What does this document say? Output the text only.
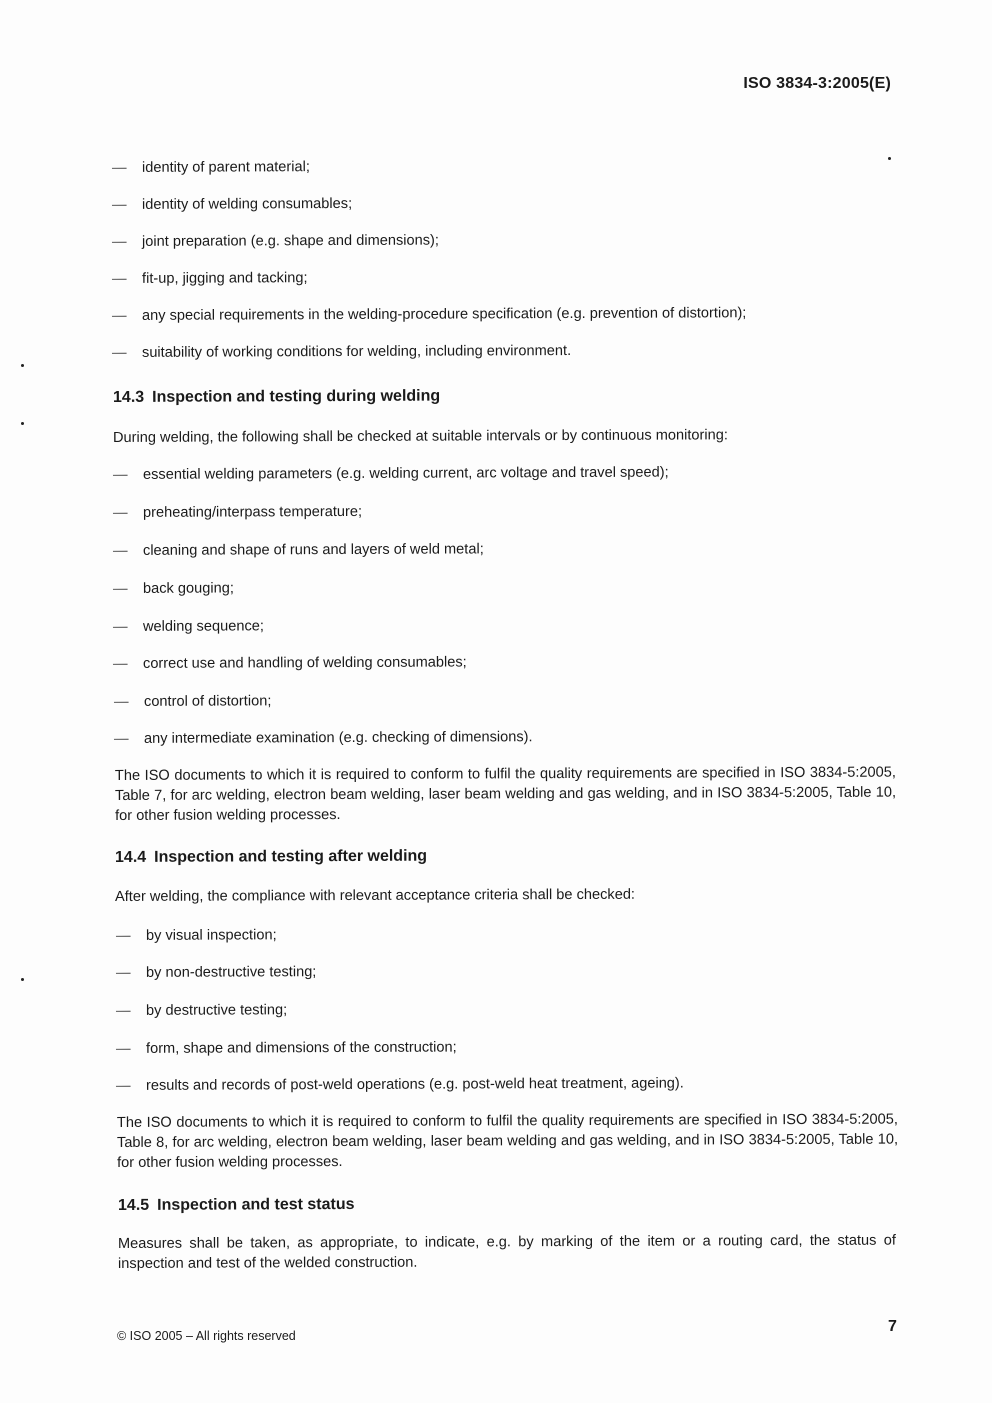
ISO 3834-3:2005(E)
— identity of parent material;
— identity of welding consumables;
— joint preparation (e.g. shape and dimensions);
— fit-up, jigging and tacking;
— any special requirements in the welding-procedure specification (e.g. prevention of distortion);
— suitability of working conditions for welding, including environment.
14.3 Inspection and testing during welding
During welding, the following shall be checked at suitable intervals or by continuous monitoring:
— essential welding parameters (e.g. welding current, arc voltage and travel speed);
— preheating/interpass temperature;
— cleaning and shape of runs and layers of weld metal;
— back gouging;
— welding sequence;
— correct use and handling of welding consumables;
— control of distortion;
— any intermediate examination (e.g. checking of dimensions).
The ISO documents to which it is required to conform to fulfil the quality requirements are specified in ISO 3834-5:2005, Table 7, for arc welding, electron beam welding, laser beam welding and gas welding, and in ISO 3834-5:2005, Table 10, for other fusion welding processes.
14.4 Inspection and testing after welding
After welding, the compliance with relevant acceptance criteria shall be checked:
— by visual inspection;
— by non-destructive testing;
— by destructive testing;
— form, shape and dimensions of the construction;
— results and records of post-weld operations (e.g. post-weld heat treatment, ageing).
The ISO documents to which it is required to conform to fulfil the quality requirements are specified in ISO 3834-5:2005, Table 8, for arc welding, electron beam welding, laser beam welding and gas welding, and in ISO 3834-5:2005, Table 10, for other fusion welding processes.
14.5 Inspection and test status
Measures shall be taken, as appropriate, to indicate, e.g. by marking of the item or a routing card, the status of inspection and test of the welded construction.
© ISO 2005 – All rights reserved
7
